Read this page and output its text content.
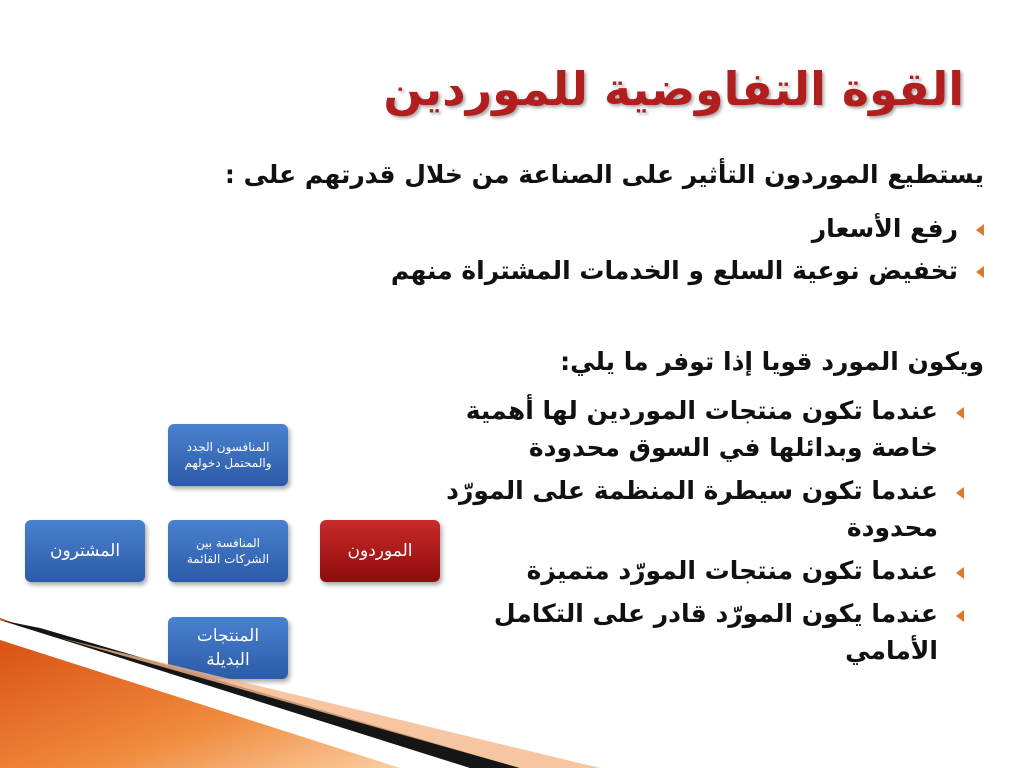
القوة التفاوضية للموردين

يستطيع الموردون التأثير على الصناعة من خلال قدرتهم على :

رفع الأسعار
تخفيض نوعية السلع و الخدمات المشتراة منهم

ويكون المورد قويا إذا توفر ما يلي:

عندما تكون منتجات الموردين لها أهمية خاصة وبدائلها في السوق محدودة
عندما تكون سيطرة المنظمة على المورّد محدودة
عندما تكون منتجات المورّد متميزة
عندما يكون المورّد قادر على التكامل الأمامي
المنافسون الجدد والمحتمل دخولهم
المشترون	المنافسة بين الشركات القائمة	الموردون
المنتجات البديلة
